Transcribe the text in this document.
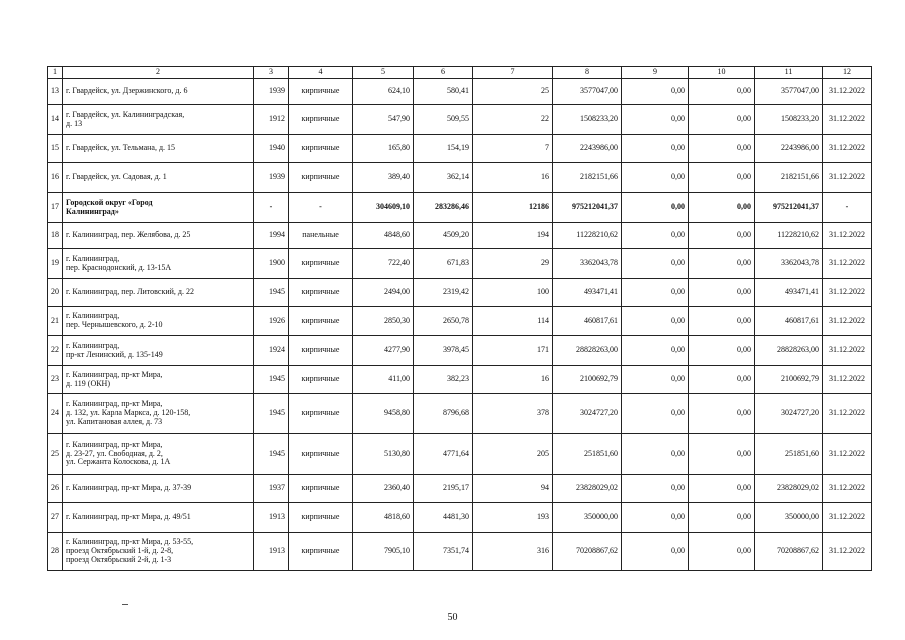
1	2	3	4	5	6	7	8	9	10	11	12
13	г. Гвардейск, ул. Дзержинского, д. 6	1939	кирпичные	624,10	580,41	25	3577047,00	0,00	0,00	3577047,00	31.12.2022
14	г. Гвардейск, ул. Калининградская,
д. 13	1912	кирпичные	547,90	509,55	22	1508233,20	0,00	0,00	1508233,20	31.12.2022
15	г. Гвардейск, ул. Тельмана, д. 15	1940	кирпичные	165,80	154,19	7	2243986,00	0,00	0,00	2243986,00	31.12.2022
16	г. Гвардейск, ул. Садовая, д. 1	1939	кирпичные	389,40	362,14	16	2182151,66	0,00	0,00	2182151,66	31.12.2022
17	Городской округ «Город
Калининград»	-	-	304609,10	283286,46	12186	975212041,37	0,00	0,00	975212041,37	-
18	г. Калининград, пер. Желябова, д. 25	1994	панельные	4848,60	4509,20	194	11228210,62	0,00	0,00	11228210,62	31.12.2022
19	г. Калининград,
пер. Краснодонский, д. 13-15А	1900	кирпичные	722,40	671,83	29	3362043,78	0,00	0,00	3362043,78	31.12.2022
20	г. Калининград, пер. Литовский, д. 22	1945	кирпичные	2494,00	2319,42	100	493471,41	0,00	0,00	493471,41	31.12.2022
21	г. Калининград,
пер. Чернышевского, д. 2-10	1926	кирпичные	2850,30	2650,78	114	460817,61	0,00	0,00	460817,61	31.12.2022
22	г. Калининград,
пр-кт Ленинский, д. 135-149	1924	кирпичные	4277,90	3978,45	171	28828263,00	0,00	0,00	28828263,00	31.12.2022
23	г. Калининград, пр-кт Мира,
д. 119 (ОКН)	1945	кирпичные	411,00	382,23	16	2100692,79	0,00	0,00	2100692,79	31.12.2022
24	г. Калининград, пр-кт Мира,
д. 132, ул. Карла Маркса, д. 120-158,
ул. Капитановая аллея, д. 73	1945	кирпичные	9458,80	8796,68	378	3024727,20	0,00	0,00	3024727,20	31.12.2022
25	г. Калининград, пр-кт Мира,
д. 23-27, ул. Свободная, д. 2,
ул. Сержанта Колоскова, д. 1А	1945	кирпичные	5130,80	4771,64	205	251851,60	0,00	0,00	251851,60	31.12.2022
26	г. Калининград, пр-кт Мира, д. 37-39	1937	кирпичные	2360,40	2195,17	94	23828029,02	0,00	0,00	23828029,02	31.12.2022
27	г. Калининград, пр-кт Мира, д. 49/51	1913	кирпичные	4818,60	4481,30	193	350000,00	0,00	0,00	350000,00	31.12.2022
28	г. Калининград, пр-кт Мира, д. 53-55,
проезд Октябрьский 1-й, д. 2-8,
проезд Октябрьский 2-й, д. 1-3	1913	кирпичные	7905,10	7351,74	316	70208867,62	0,00	0,00	70208867,62	31.12.2022
50
